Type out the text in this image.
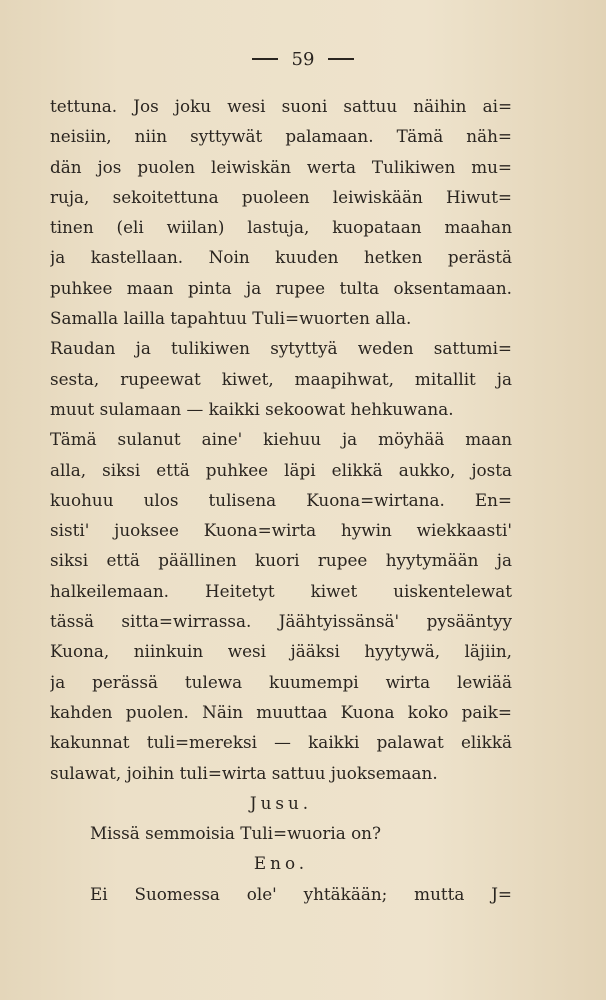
59
tettuna. Jos joku wesi suoni sattuu näihin ai=
neisiin, niin syttywät palamaan. Tämä näh=
dän jos puolen leiwiskän werta Tulikiwen mu=
ruja, sekoitettuna puoleen leiwiskään Hiwut=
tinen (eli wiilan) lastuja, kuopataan maahan
ja kastellaan. Noin kuuden hetken perästä
puhkee maan pinta ja rupee tulta oksentamaan.
Samalla lailla tapahtuu Tuli=wuorten alla.
Raudan ja tulikiwen sytyttyä weden sattumi=
sesta, rupeewat kiwet, maapihwat, mitallit ja
muut sulamaan — kaikki sekoowat hehkuwana.
Tämä sulanut aine' kiehuu ja möyhää maan
alla, siksi että puhkee läpi elikkä aukko, josta
kuohuu ulos tulisena Kuona=wirtana. En=
sisti' juoksee Kuona=wirta hywin wiekkaasti'
siksi että päällinen kuori rupee hyytymään ja
halkeilemaan. Heitetyt kiwet uiskentelewat
tässä sitta=wirrassa. Jäähtyissänsä' pysääntyy
Kuona, niinkuin wesi jääksi hyytywä, läjiin,
ja perässä tulewa kuumempi wirta lewiää
kahden puolen. Näin muuttaa Kuona koko paik=
kakunnat tuli=mereksi — kaikki palawat elikkä
sulawat, joihin tuli=wirta sattuu juoksemaan.
Jusu.
Missä semmoisia Tuli=wuoria on?
Eno.
Ei Suomessa ole' yhtäkään; mutta J=
